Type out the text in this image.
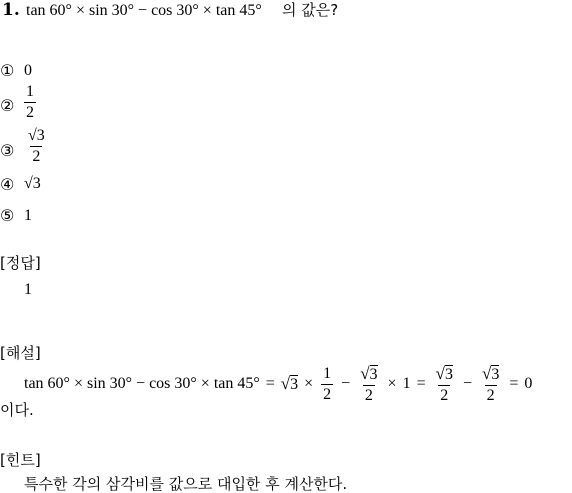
1. tan 60° × sin 30° − cos 30° × tan 45° 의 값은?
① 0
② $\frac{1}{2}$
③ $\frac{√3}{2}$
④ √3
⑤ 1
[정답]
1
[해설]
tan 60° × sin 30° − cos 30° × tan 45° = √ $3 \times \frac{1}{2} - \frac{√ 3}{2} \times 1 = \frac{√ 3}{2} - \frac{√ 3}{2} = 0$
이다.
[힌트]
특수한 각의 삼각비를 값으로 대입한 후 계산한다.
